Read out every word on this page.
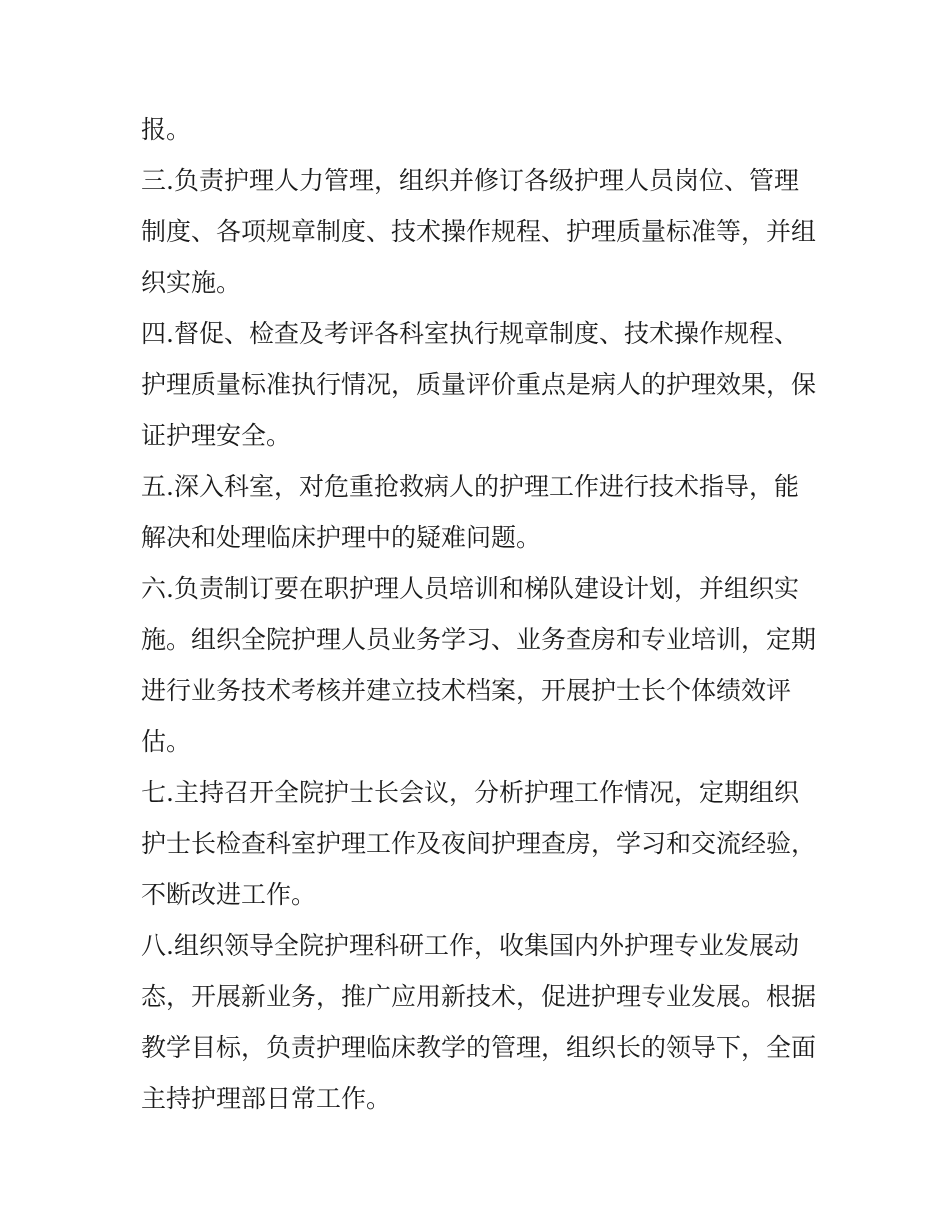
报。
三.负责护理人力管理，组织并修订各级护理人员岗位、管理
制度、各项规章制度、技术操作规程、护理质量标准等，并组
织实施。
四.督促、检查及考评各科室执行规章制度、技术操作规程、
护理质量标准执行情况，质量评价重点是病人的护理效果，保
证护理安全。
五.深入科室，对危重抢救病人的护理工作进行技术指导，能
解决和处理临床护理中的疑难问题。
六.负责制订要在职护理人员培训和梯队建设计划，并组织实
施。组织全院护理人员业务学习、业务查房和专业培训，定期
进行业务技术考核并建立技术档案，开展护士长个体绩效评
估。
七.主持召开全院护士长会议，分析护理工作情况，定期组织
护士长检查科室护理工作及夜间护理查房，学习和交流经验，
不断改进工作。
八.组织领导全院护理科研工作，收集国内外护理专业发展动
态，开展新业务，推广应用新技术，促进护理专业发展。根据
教学目标，负责护理临床教学的管理，组织长的领导下，全面
主持护理部日常工作。
